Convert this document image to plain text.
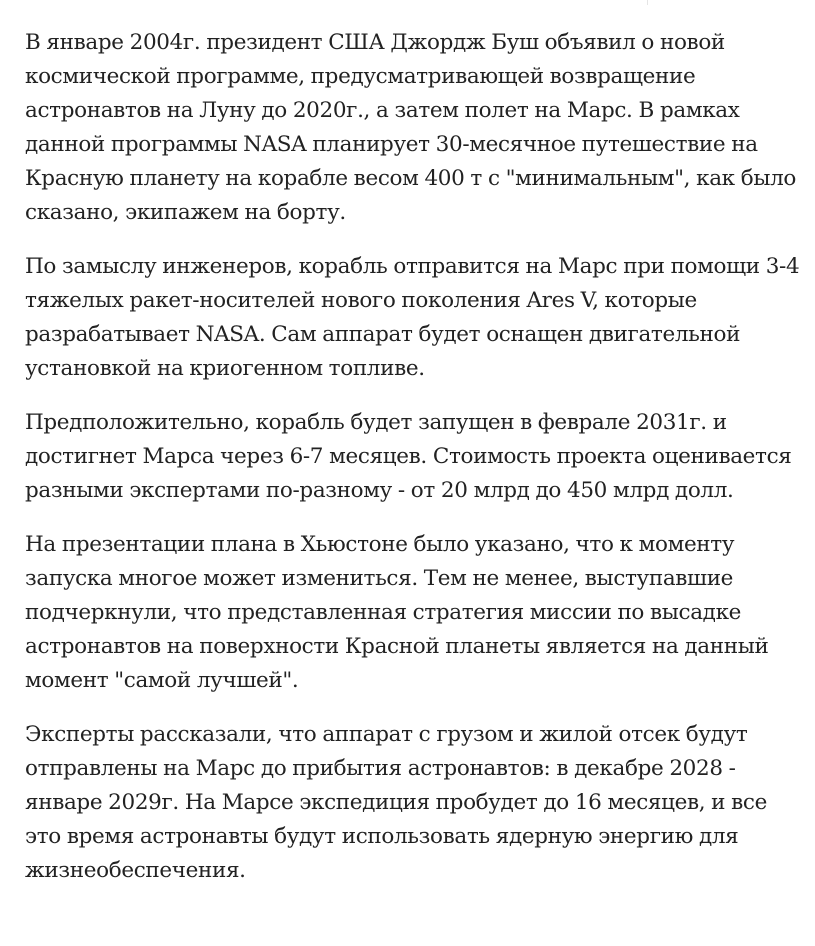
В январе 2004г. президент США Джордж Буш объявил о новой космической программе, предусматривающей возвращение астронавтов на Луну до 2020г., а затем полет на Марс. В рамках данной программы NASA планирует 30-месячное путешествие на Красную планету на корабле весом 400 т с "минимальным", как было сказано, экипажем на борту.

По замыслу инженеров, корабль отправится на Марс при помощи 3-4 тяжелых ракет-носителей нового поколения Ares V, которые разрабатывает NASA. Сам аппарат будет оснащен двигательной установкой на криогенном топливе.

Предположительно, корабль будет запущен в феврале 2031г. и достигнет Марса через 6-7 месяцев. Стоимость проекта оценивается разными экспертами по-разному - от 20 млрд до 450 млрд долл.

На презентации плана в Хьюстоне было указано, что к моменту запуска многое может измениться. Тем не менее, выступавшие подчеркнули, что представленная стратегия миссии по высадке астронавтов на поверхности Красной планеты является на данный момент "самой лучшей".

Эксперты рассказали, что аппарат с грузом и жилой отсек будут отправлены на Марс до прибытия астронавтов: в декабре 2028 - январе 2029г. На Марсе экспедиция пробудет до 16 месяцев, и все это время астронавты будут использовать ядерную энергию для жизнеобеспечения.
